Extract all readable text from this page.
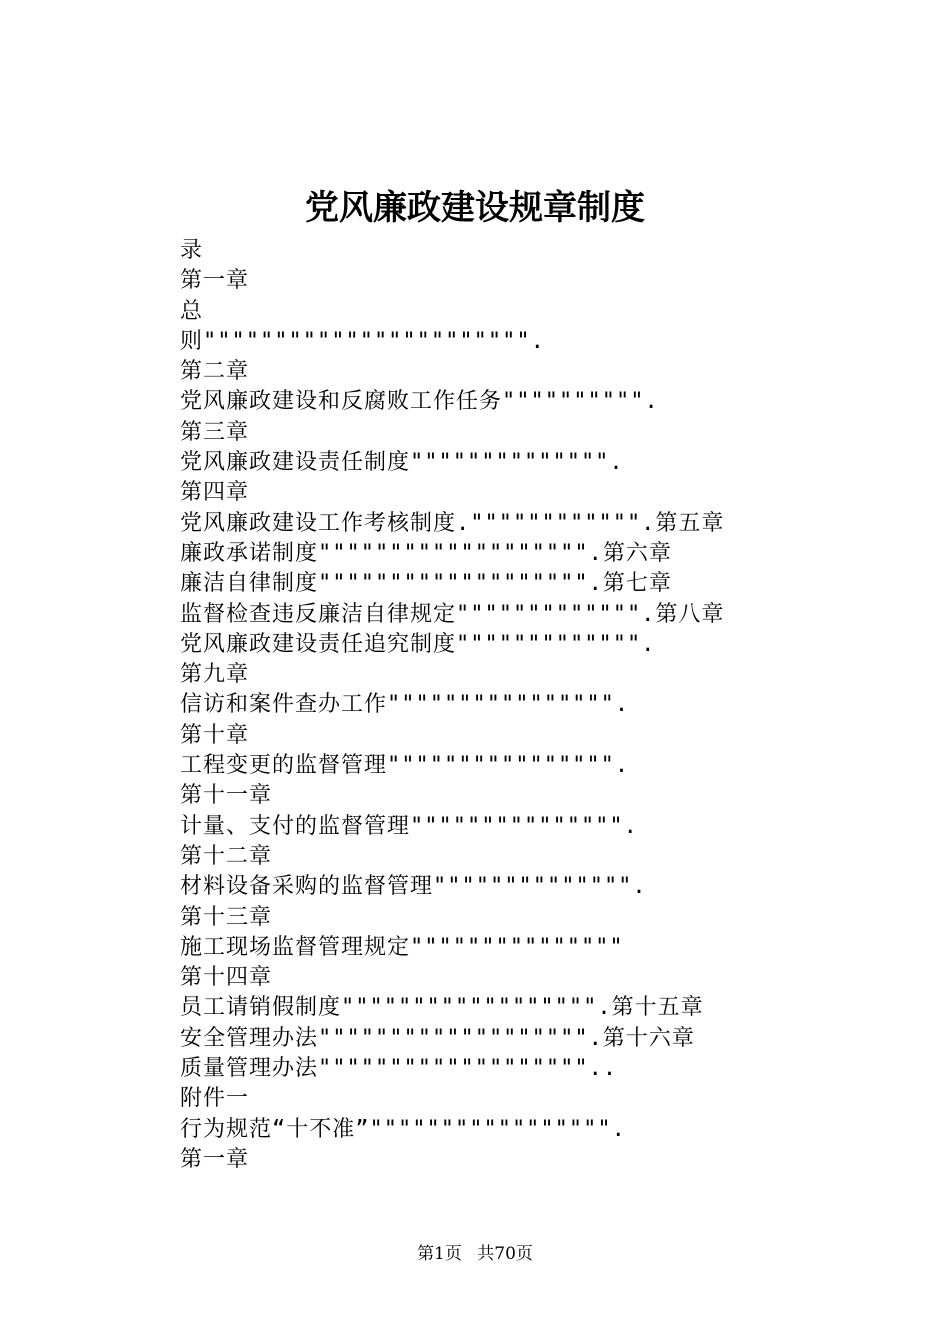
党风廉政建设规章制度
录
第一章
总
则""""""""""""""""""""""".
第二章
党风廉政建设和反腐败工作任务"""""""""".
第三章
党风廉政建设责任制度"""""""""""""".
第四章
党风廉政建设工作考核制度."""""""""""".第五章
廉政承诺制度""""""""""""""""""".第六章
廉洁自律制度""""""""""""""""""".第七章
监督检查违反廉洁自律规定""""""""""""".第八章
党风廉政建设责任追究制度""""""""""""".
第九章
信访和案件查办工作"""""""""""""""".
第十章
工程变更的监督管理"""""""""""""""".
第十一章
计量、支付的监督管理""""""""""""""".
第十二章
材料设备采购的监督管理"""""""""""""".
第十三章
施工现场监督管理规定"""""""""""""""
第十四章
员工请销假制度"""""""""""""""""".第十五章
安全管理办法""""""""""""""""""".第十六章
质量管理办法"""""""""""""""""""..
附件一
行为规范“十不准”""""""""""""""""".
第一章
第1页 共70页
